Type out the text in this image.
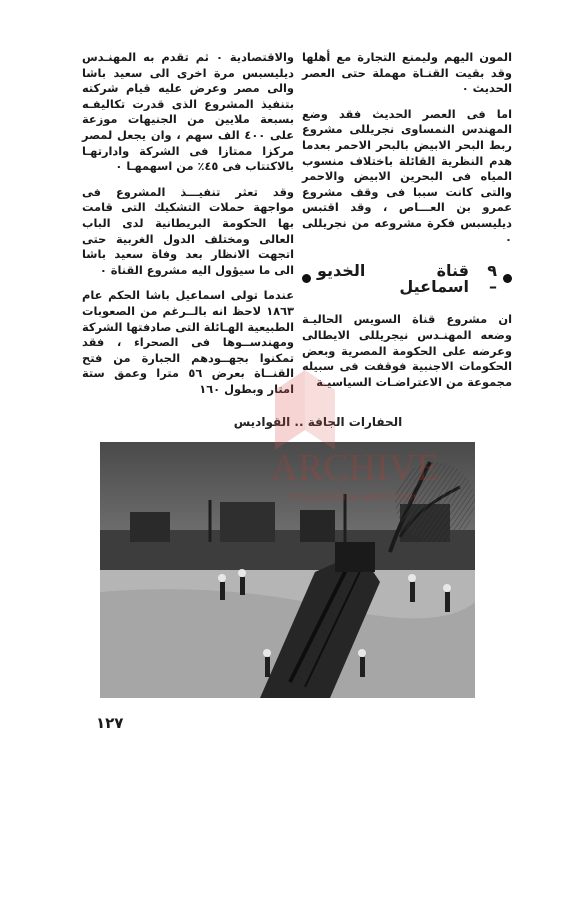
المون اليهم وليمنع التجارة مع أهلها وقد بقيت القنـاة مهملة حتى العصر الحديث ٠

اما فى العصر الحديث فقد وضع المهندس النمساوى نجريللى مشروع ربط البحر الابيض بالبحر الاحمر بعدما هدم النظرية القائلة باختلاف منسوب المياه فى البحرين الابيض والاحمر والتى كانت سببا فى وقف مشروع عمرو بن العـــاص ، وقد اقتبس ديليسبس فكرة مشروعه من نجريللى ٠

٩ –
قناة الخديو اسماعيل

ان مشروع قناة السويس الحاليـة وضعه المهنـدس نيجريللى الايطالى وعرضه على الحكومة المصرية وبعض الحكومات الاجنبية فوقفت فى سبيله مجموعة من الاعتراضـات السياسيـة

والاقتصادية ٠ ثم تقدم به المهنـدس ديليسبس مرة اخرى الى سعيد باشا والى مصر وعرض عليه قيام شركته بتنفيذ المشروع الذى قدرت تكاليفـه بسبعة ملايين من الجنيهات موزعة على ٤٠٠ الف سهم ، وان يجعل لمصر مركزا ممتازا فى الشركة وادارتهـا بالاكتتاب فى ٤٥٪ من اسهمهـا ٠

وقد تعثر تنفيـــذ المشروع فى مواجهة حملات التشكيك التى قامت بها الحكومة البريطانية لدى الباب العالى ومختلف الدول الغربية حتى اتجهت الانظار بعد وفاة سعيد باشا الى ما سيؤول اليه مشروع القناة ٠

عندما تولى اسماعيل باشا الحكم عام ١٨٦٣ لاحظ انه بالــرغم من الصعوبات الطبيعية الهـائلة التى صادفتها الشركة ومهندســوها فى الصحراء ، فقد تمكنوا بجهــودهم الجبارة من فتح القنــاة بعرض ٥٦ مترا وعمق ستة امتار وبطول ١٦٠

الحفارات الجافة .. القواديس
ARCHIVE
http://archive.sakhrit.com
١٢٧
